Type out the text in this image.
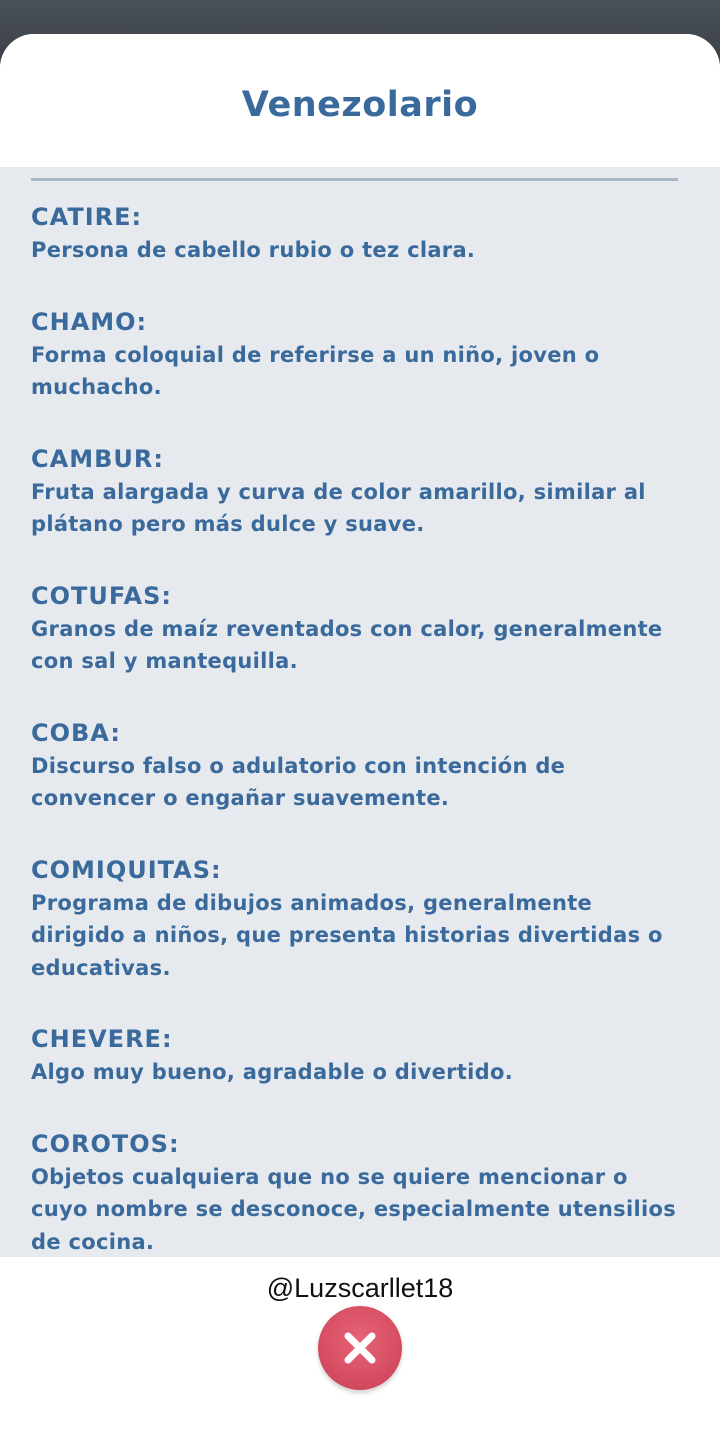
Venezolario
CATIRE:
Persona de cabello rubio o tez clara.
CHAMO:
Forma coloquial de referirse a un niño, joven o muchacho.
CAMBUR:
Fruta alargada y curva de color amarillo, similar al plátano pero más dulce y suave.
COTUFAS:
Granos de maíz reventados con calor, generalmente con sal y mantequilla.
COBA:
Discurso falso o adulatorio con intención de convencer o engañar suavemente.
COMIQUITAS:
Programa de dibujos animados, generalmente dirigido a niños, que presenta historias divertidas o educativas.
CHEVERE:
Algo muy bueno, agradable o divertido.
COROTOS:
Objetos cualquiera que no se quiere mencionar o cuyo nombre se desconoce, especialmente utensilios de cocina.
@Luzscarllet18
